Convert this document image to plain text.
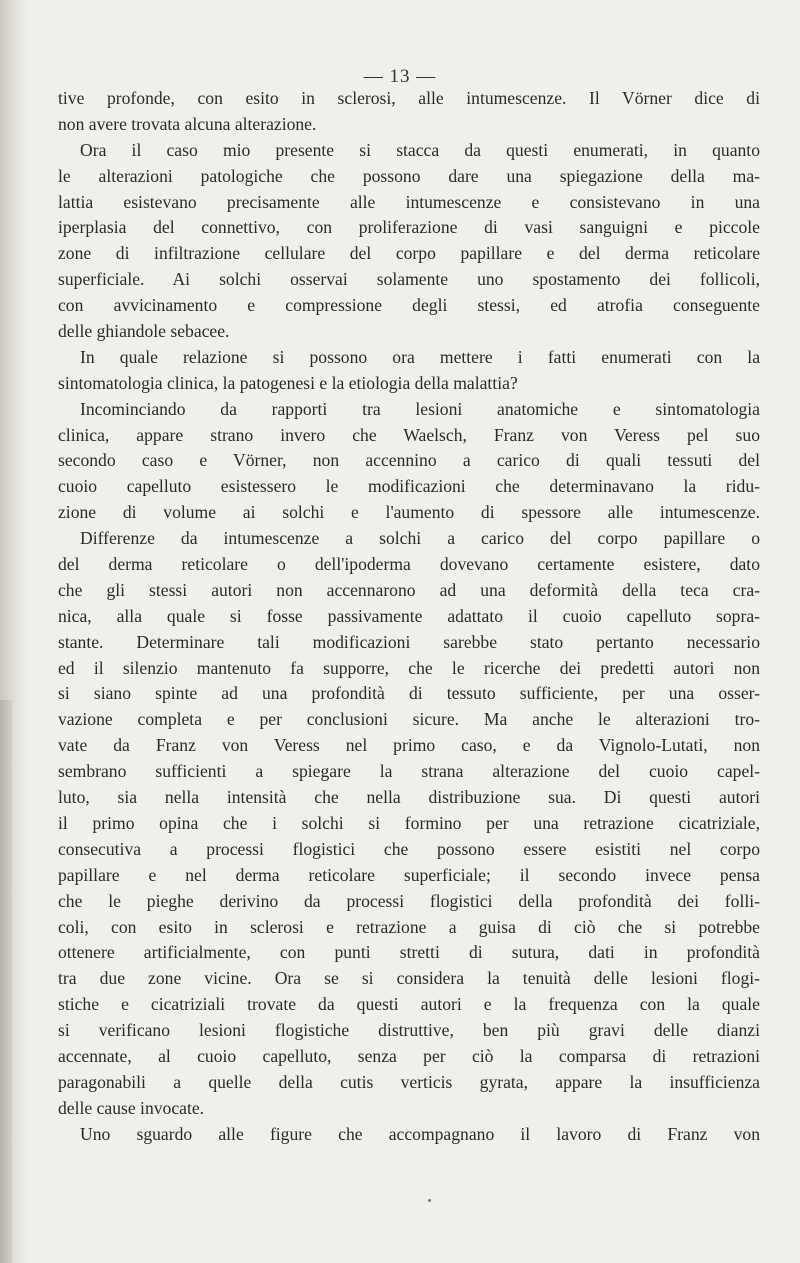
— 13 —
tive profonde, con esito in sclerosi, alle intumescenze. Il Vörner dice di
non avere trovata alcuna alterazione.
Ora il caso mio presente si stacca da questi enumerati, in quanto
le alterazioni patologiche che possono dare una spiegazione della ma-
lattia esistevano precisamente alle intumescenze e consistevano in una
iperplasia del connettivo, con proliferazione di vasi sanguigni e piccole
zone di infiltrazione cellulare del corpo papillare e del derma reticolare
superficiale. Ai solchi osservai solamente uno spostamento dei follicoli,
con avvicinamento e compressione degli stessi, ed atrofia conseguente
delle ghiandole sebacee.
In quale relazione si possono ora mettere i fatti enumerati con la
sintomatologia clinica, la patogenesi e la etiologia della malattia?
Incominciando da rapporti tra lesioni anatomiche e sintomatologia
clinica, appare strano invero che Waelsch, Franz von Veress pel suo
secondo caso e Vörner, non accennino a carico di quali tessuti del
cuoio capelluto esistessero le modificazioni che determinavano la ridu-
zione di volume ai solchi e l'aumento di spessore alle intumescenze.
Differenze da intumescenze a solchi a carico del corpo papillare o
del derma reticolare o dell'ipoderma dovevano certamente esistere, dato
che gli stessi autori non accennarono ad una deformità della teca cra-
nica, alla quale si fosse passivamente adattato il cuoio capelluto sopra-
stante. Determinare tali modificazioni sarebbe stato pertanto necessario
ed il silenzio mantenuto fa supporre, che le ricerche dei predetti autori non
si siano spinte ad una profondità di tessuto sufficiente, per una osser-
vazione completa e per conclusioni sicure. Ma anche le alterazioni tro-
vate da Franz von Veress nel primo caso, e da Vignolo-Lutati, non
sembrano sufficienti a spiegare la strana alterazione del cuoio capel-
luto, sia nella intensità che nella distribuzione sua. Di questi autori
il primo opina che i solchi si formino per una retrazione cicatriziale,
consecutiva a processi flogistici che possono essere esistiti nel corpo
papillare e nel derma reticolare superficiale; il secondo invece pensa
che le pieghe derivino da processi flogistici della profondità dei folli-
coli, con esito in sclerosi e retrazione a guisa di ciò che si potrebbe
ottenere artificialmente, con punti stretti di sutura, dati in profondità
tra due zone vicine. Ora se si considera la tenuità delle lesioni flogi-
stiche e cicatriziali trovate da questi autori e la frequenza con la quale
si verificano lesioni flogistiche distruttive, ben più gravi delle dianzi
accennate, al cuoio capelluto, senza per ciò la comparsa di retrazioni
paragonabili a quelle della cutis verticis gyrata, appare la insufficienza
delle cause invocate.
Uno sguardo alle figure che accompagnano il lavoro di Franz von
